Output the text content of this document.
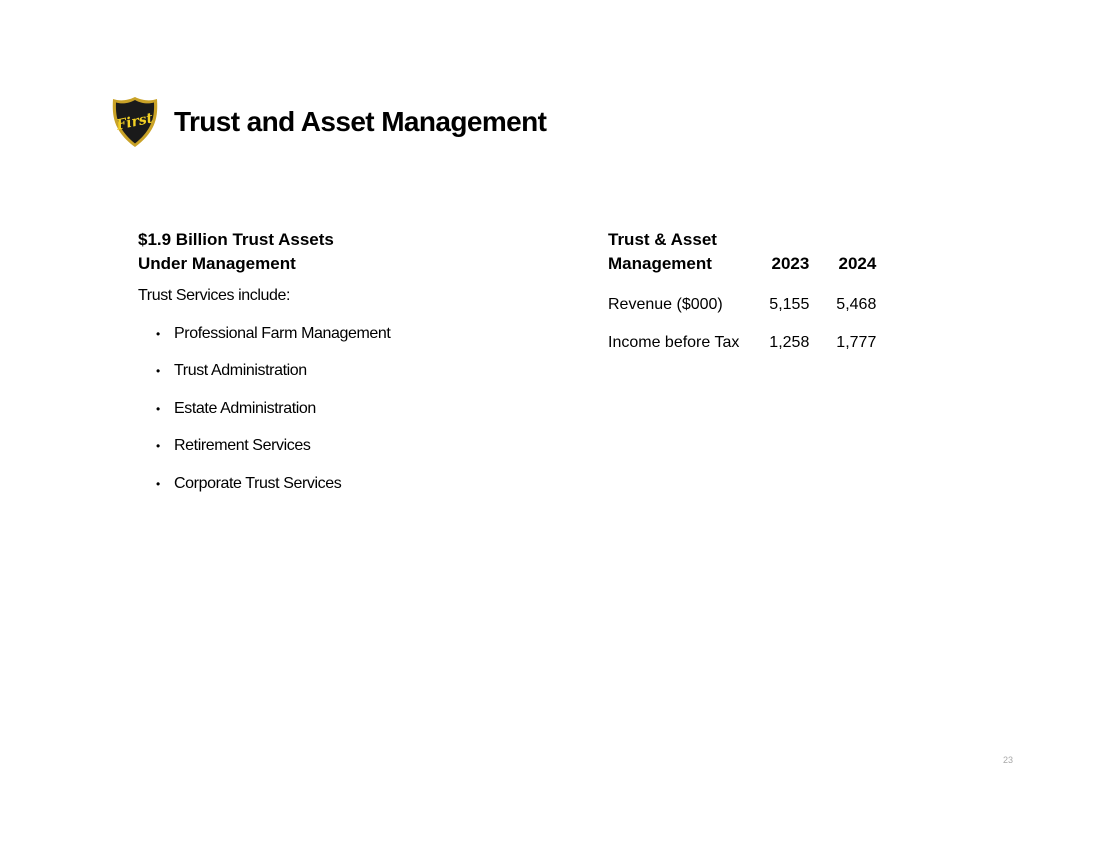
First Trust and Asset Management

$1.9 Billion Trust Assets
Under Management

Trust Services include:
• Professional Farm Management
• Trust Administration
• Estate Administration
• Retirement Services
• Corporate Trust Services
Trust & Asset
Management	2023	2024
Revenue ($000)	5,155	5,468
Income before Tax	1,258	1,777
23
